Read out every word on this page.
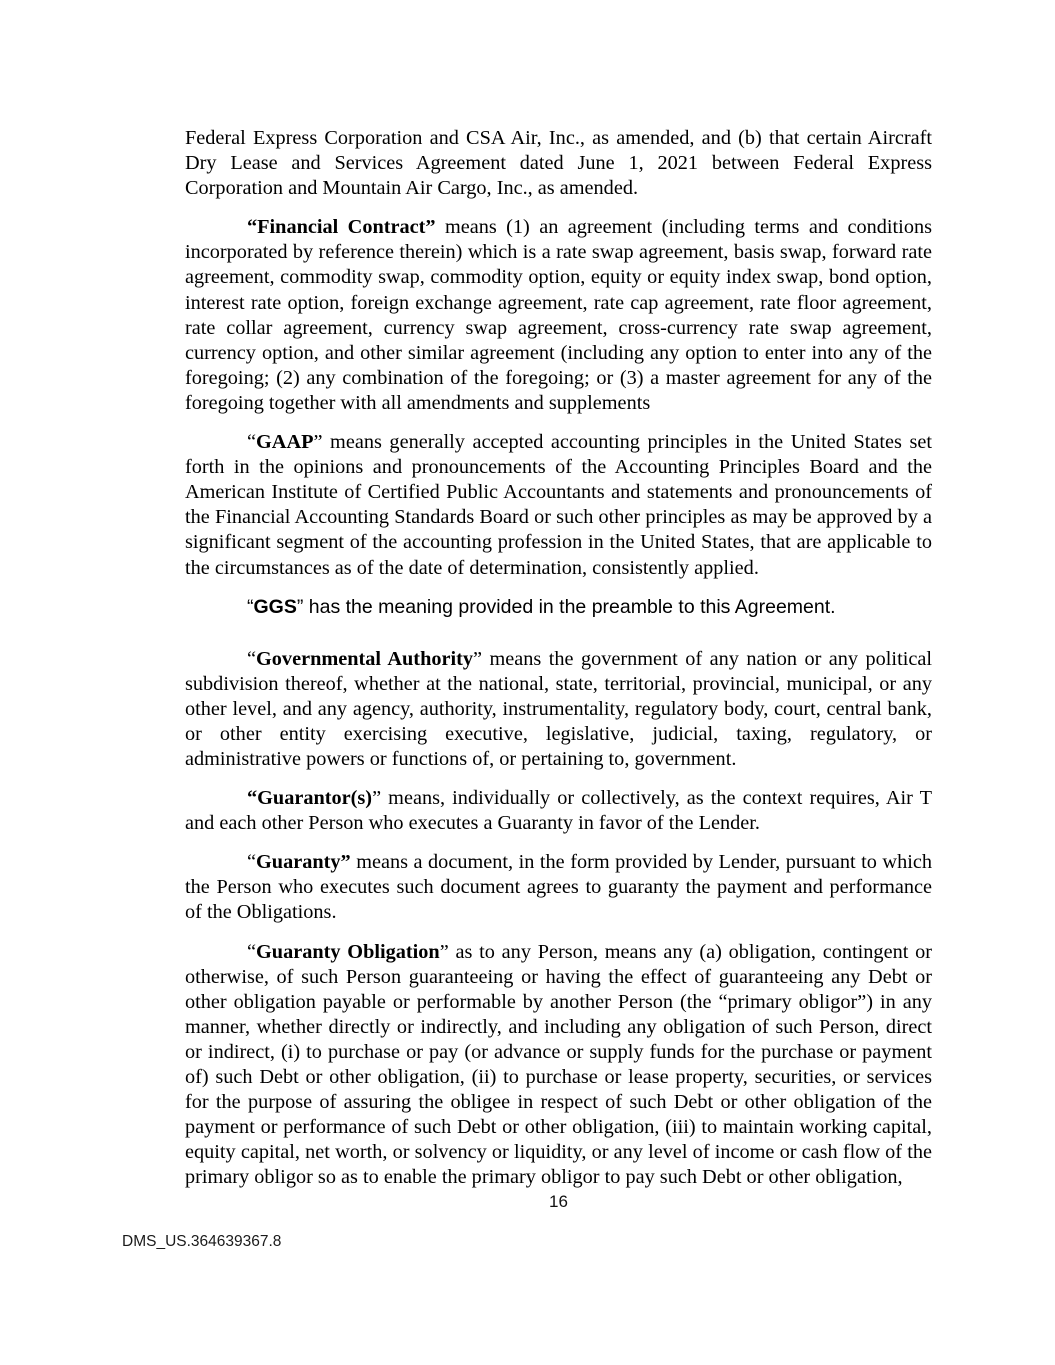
Federal Express Corporation and CSA Air, Inc., as amended, and (b) that certain Aircraft Dry Lease and Services Agreement dated June 1, 2021 between Federal Express Corporation and Mountain Air Cargo, Inc., as amended.

“Financial Contract” means (1) an agreement (including terms and conditions incorporated by reference therein) which is a rate swap agreement, basis swap, forward rate agreement, commodity swap, commodity option, equity or equity index swap, bond option, interest rate option, foreign exchange agreement, rate cap agreement, rate floor agreement, rate collar agreement, currency swap agreement, cross-currency rate swap agreement, currency option, and other similar agreement (including any option to enter into any of the foregoing; (2) any combination of the foregoing; or (3) a master agreement for any of the foregoing together with all amendments and supplements

“GAAP” means generally accepted accounting principles in the United States set forth in the opinions and pronouncements of the Accounting Principles Board and the American Institute of Certified Public Accountants and statements and pronouncements of the Financial Accounting Standards Board or such other principles as may be approved by a significant segment of the accounting profession in the United States, that are applicable to the circumstances as of the date of determination, consistently applied.

“GGS” has the meaning provided in the preamble to this Agreement.

“Governmental Authority” means the government of any nation or any political subdivision thereof, whether at the national, state, territorial, provincial, municipal, or any other level, and any agency, authority, instrumentality, regulatory body, court, central bank, or other entity exercising executive, legislative, judicial, taxing, regulatory, or administrative powers or functions of, or pertaining to, government.

“Guarantor(s)” means, individually or collectively, as the context requires, Air T and each other Person who executes a Guaranty in favor of the Lender.

“Guaranty” means a document, in the form provided by Lender, pursuant to which the Person who executes such document agrees to guaranty the payment and performance of the Obligations.

“Guaranty Obligation” as to any Person, means any (a) obligation, contingent or otherwise, of such Person guaranteeing or having the effect of guaranteeing any Debt or other obligation payable or performable by another Person (the “primary obligor”) in any manner, whether directly or indirectly, and including any obligation of such Person, direct or indirect, (i) to purchase or pay (or advance or supply funds for the purchase or payment of) such Debt or other obligation, (ii) to purchase or lease property, securities, or services for the purpose of assuring the obligee in respect of such Debt or other obligation of the payment or performance of such Debt or other obligation, (iii) to maintain working capital, equity capital, net worth, or solvency or liquidity, or any level of income or cash flow of the primary obligor so as to enable the primary obligor to pay such Debt or other obligation,

16
DMS_US.364639367.8
